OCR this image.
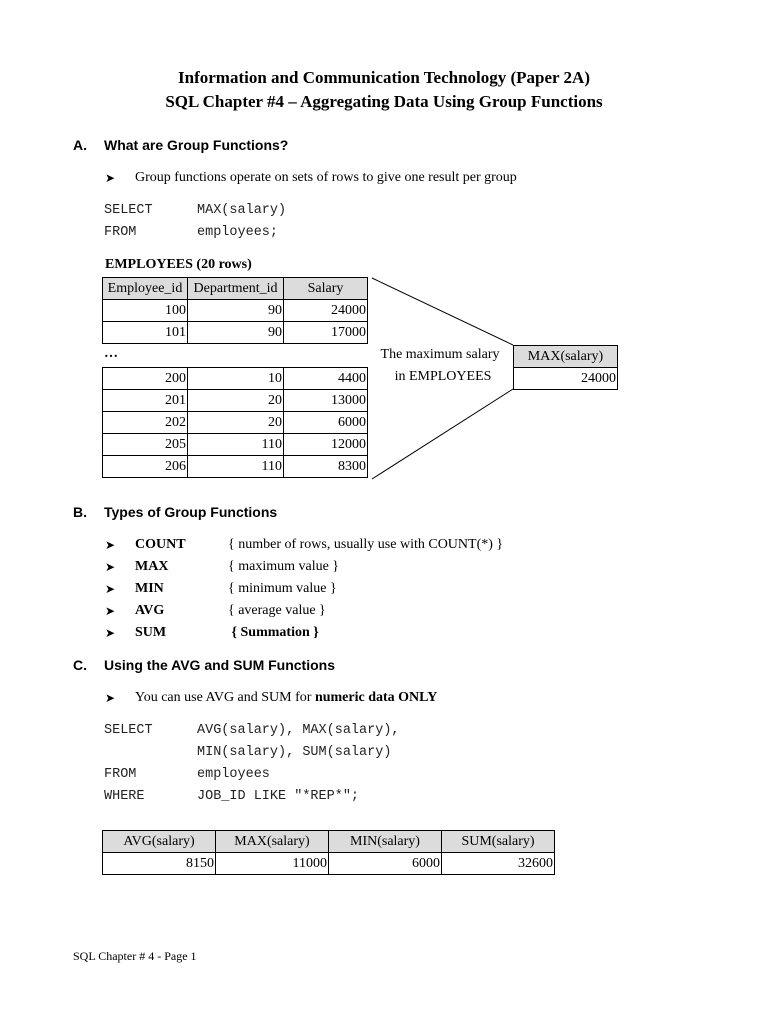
Information and Communication Technology (Paper 2A)
SQL Chapter #4 – Aggregating Data Using Group Functions
A. What are Group Functions?
➤ Group functions operate on sets of rows to give one result per group
SELECT	MAX(salary)
FROM	employees;
EMPLOYEES (20 rows)
Employee_id	Department_id	Salary
100	90	24000
101	90	17000
…
200	10	4400
201	20	13000
202	20	6000
205	110	12000
206	110	8300
The maximum salary
in EMPLOYEES
MAX(salary)
24000
B. Types of Group Functions
➤ COUNT	{ number of rows, usually use with COUNT(*) }
➤ MAX	{ maximum value }
➤ MIN	{ minimum value }
➤ AVG	{ average value }
➤ SUM	{ Summation }
C. Using the AVG and SUM Functions
➤ You can use AVG and SUM for numeric data ONLY
SELECT	AVG(salary), MAX(salary),
MIN(salary), SUM(salary)
FROM	employees
WHERE	JOB_ID LIKE "*REP*";
AVG(salary)	MAX(salary)	MIN(salary)	SUM(salary)
8150	11000	6000	32600
SQL Chapter # 4 - Page 1
